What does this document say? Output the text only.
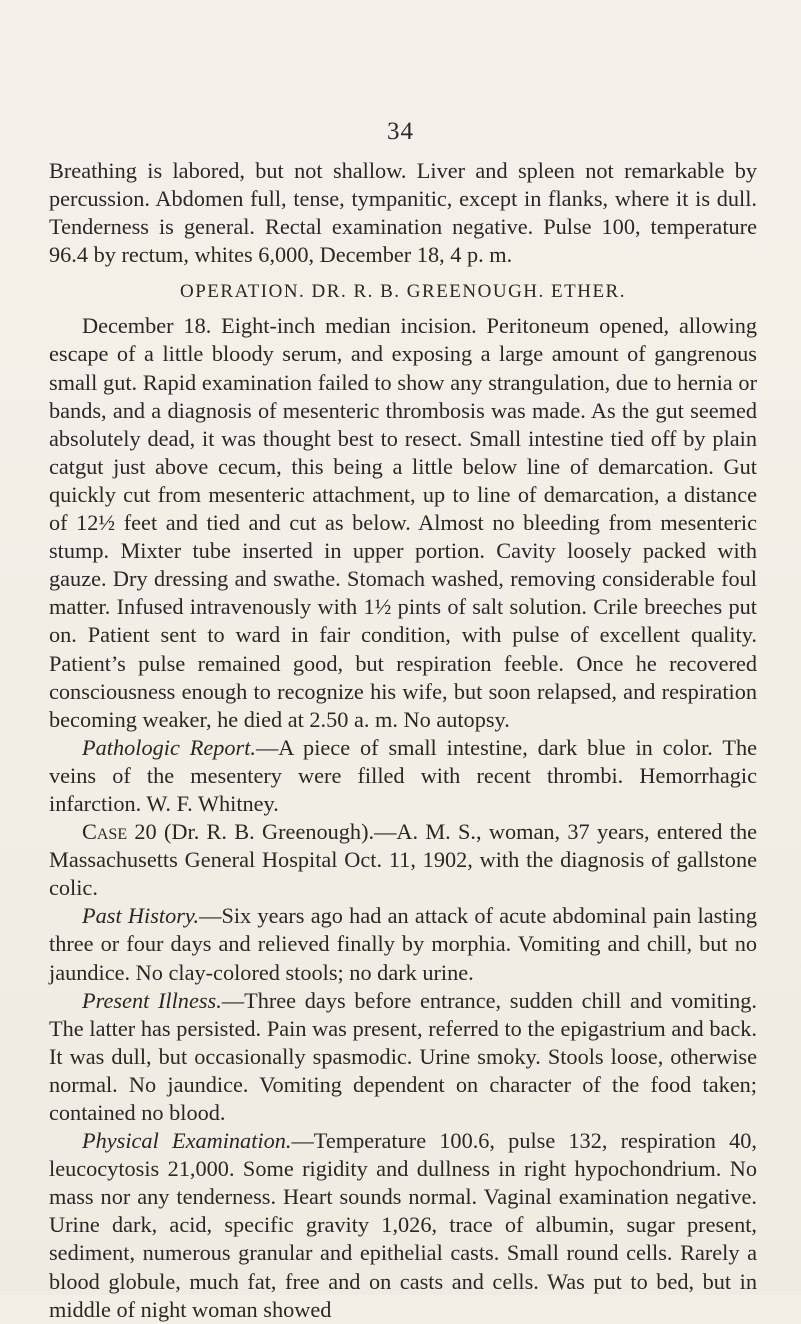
34

Breathing is labored, but not shallow. Liver and spleen not remarkable by percussion. Abdomen full, tense, tympanitic, except in flanks, where it is dull. Tenderness is general. Rectal examination negative. Pulse 100, temperature 96.4 by rectum, whites 6,000, December 18, 4 p. m.

OPERATION. DR. R. B. GREENOUGH. ETHER.

December 18. Eight-inch median incision. Peritoneum opened, allowing escape of a little bloody serum, and exposing a large amount of gangrenous small gut. Rapid examination failed to show any strangulation, due to hernia or bands, and a diagnosis of mesenteric thrombosis was made. As the gut seemed absolutely dead, it was thought best to resect. Small intestine tied off by plain catgut just above cecum, this being a little below line of demarcation. Gut quickly cut from mesenteric attachment, up to line of demarcation, a distance of 12½ feet and tied and cut as below. Almost no bleeding from mesenteric stump. Mixter tube inserted in upper portion. Cavity loosely packed with gauze. Dry dressing and swathe. Stomach washed, removing considerable foul matter. Infused intravenously with 1½ pints of salt solution. Crile breeches put on. Patient sent to ward in fair condition, with pulse of excellent quality. Patient’s pulse remained good, but respiration feeble. Once he recovered consciousness enough to recognize his wife, but soon relapsed, and respiration becoming weaker, he died at 2.50 a. m. No autopsy.

Pathologic Report.—A piece of small intestine, dark blue in color. The veins of the mesentery were filled with recent thrombi. Hemorrhagic infarction. W. F. Whitney.

Case 20 (Dr. R. B. Greenough).—A. M. S., woman, 37 years, entered the Massachusetts General Hospital Oct. 11, 1902, with the diagnosis of gallstone colic.

Past History.—Six years ago had an attack of acute abdominal pain lasting three or four days and relieved finally by morphia. Vomiting and chill, but no jaundice. No clay-colored stools; no dark urine.

Present Illness.—Three days before entrance, sudden chill and vomiting. The latter has persisted. Pain was present, referred to the epigastrium and back. It was dull, but occasionally spasmodic. Urine smoky. Stools loose, otherwise normal. No jaundice. Vomiting dependent on character of the food taken; contained no blood.

Physical Examination.—Temperature 100.6, pulse 132, respiration 40, leucocytosis 21,000. Some rigidity and dullness in right hypochondrium. No mass nor any tenderness. Heart sounds normal. Vaginal examination negative. Urine dark, acid, specific gravity 1,026, trace of albumin, sugar present, sediment, numerous granular and epithelial casts. Small round cells. Rarely a blood globule, much fat, free and on casts and cells. Was put to bed, but in middle of night woman showed
